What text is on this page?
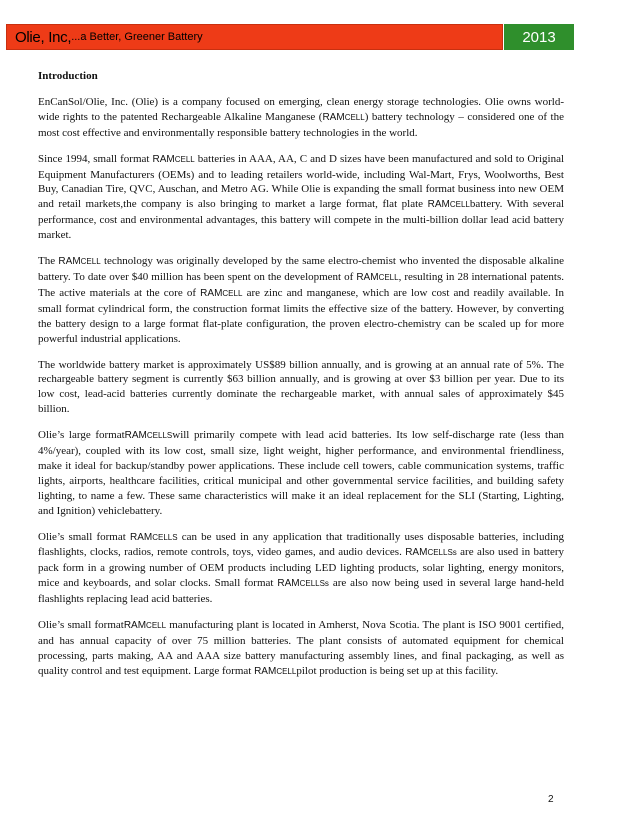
Olie, Inc, ...a Better, Greener Battery	2013
Introduction

EnCanSol/Olie, Inc. (Olie) is a company focused on emerging, clean energy storage technologies. Olie owns world-wide rights to the patented Rechargeable Alkaline Manganese (RAMCELL) battery technology – considered one of the most cost effective and environmentally responsible battery technologies in the world.

Since 1994, small format RAMCELL batteries in AAA, AA, C and D sizes have been manufactured and sold to Original Equipment Manufacturers (OEMs) and to leading retailers world-wide, including Wal-Mart, Frys, Woolworths, Best Buy, Canadian Tire, QVC, Auschan, and Metro AG. While Olie is expanding the small format business into new OEM and retail markets,the company is also bringing to market a large format, flat plate RAMCELLbattery. With several performance, cost and environmental advantages, this battery will compete in the multi-billion dollar lead acid battery market.

The RAMCELL technology was originally developed by the same electro-chemist who invented the disposable alkaline battery. To date over $40 million has been spent on the development of RAMCELL, resulting in 28 international patents. The active materials at the core of RAMCELL are zinc and manganese, which are low cost and readily available. In small format cylindrical form, the construction format limits the effective size of the battery. However, by converting the battery design to a large format flat-plate configuration, the proven electro-chemistry can be scaled up for more powerful industrial applications.

The worldwide battery market is approximately US$89 billion annually, and is growing at an annual rate of 5%. The rechargeable battery segment is currently $63 billion annually, and is growing at over $3 billion per year. Due to its low cost, lead-acid batteries currently dominate the rechargeable market, with annual sales of approximately $45 billion.

Olie’s large formatRAMCELLSwill primarily compete with lead acid batteries. Its low self-discharge rate (less than 4%/year), coupled with its low cost, small size, light weight, higher performance, and environmental friendliness, make it ideal for backup/standby power applications. These include cell towers, cable communication systems, traffic lights, airports, healthcare facilities, critical municipal and other governmental service facilities, and building safety lighting, to name a few. These same characteristics will make it an ideal replacement for the SLI (Starting, Lighting, and Ignition) vehiclebattery.

Olie’s small format RAMCELLS can be used in any application that traditionally uses disposable batteries, including flashlights, clocks, radios, remote controls, toys, video games, and audio devices. RAMCELLSs are also used in battery pack form in a growing number of OEM products including LED lighting products, solar lighting, energy monitors, mice and keyboards, and solar clocks. Small format RAMCELLSs are also now being used in several large hand-held flashlights replacing lead acid batteries.

Olie’s small formatRAMCELL manufacturing plant is located in Amherst, Nova Scotia. The plant is ISO 9001 certified, and has annual capacity of over 75 million batteries. The plant consists of automated equipment for chemical processing, parts making, AA and AAA size battery manufacturing assembly lines, and final packaging, as well as quality control and test equipment. Large format RAMCELLpilot production is being set up at this facility.

2
